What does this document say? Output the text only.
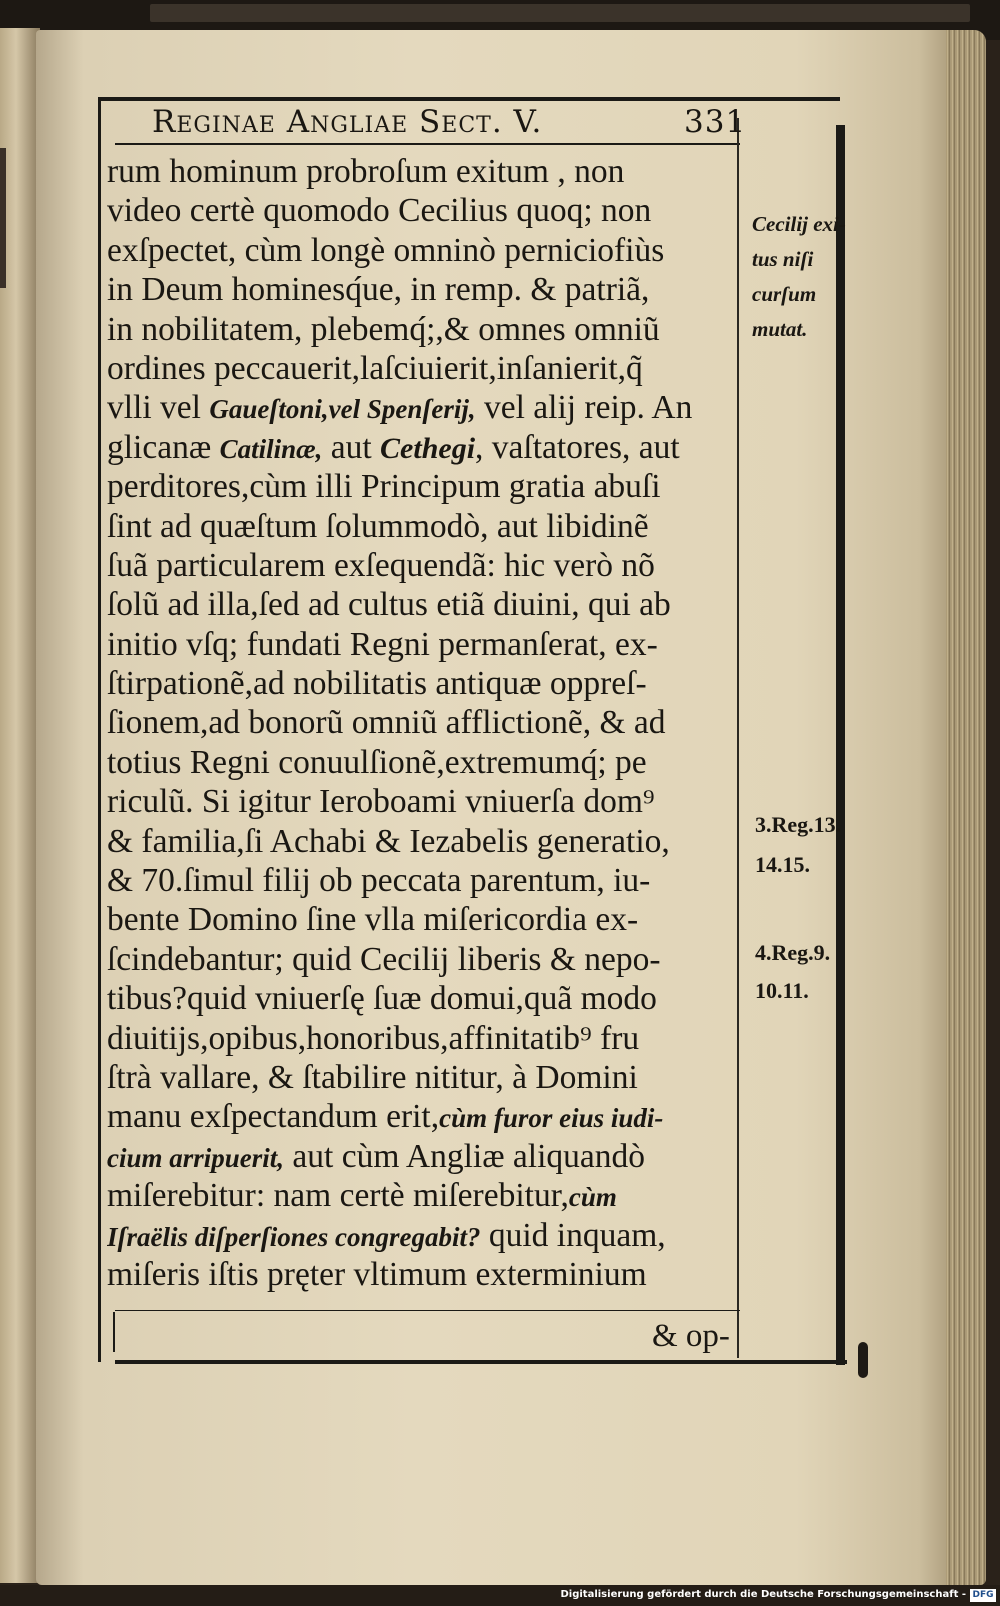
Reginae Angliae Sect. V.	331
rum hominum probroſum exitum , non
video certè quomodo Cecilius quoq; non
exſpectet, cùm longè omninò perniciofiùs
in Deum hominesq́ue, in remp. & patriã,
in nobilitatem, plebemq́;,& omnes omniũ
ordines peccauerit,laſciuierit,inſanierit,q̃
vlli vel Gaueſtoni,vel Spenſerij, vel alij reip. An
glicanæ Catilinæ, aut Cethegi, vaſtatores, aut
perditores,cùm illi Principum gratia abuſi
ſint ad quæſtum ſolummodò, aut libidinẽ
ſuã particularem exſequendã: hic verò nõ
ſolũ ad illa,ſed ad cultus etiã diuini, qui ab
initio vſq; fundati Regni permanſerat, ex-
ſtirpationẽ,ad nobilitatis antiquæ oppreſ-
ſionem,ad bonorũ omniũ afflictionẽ, & ad
totius Regni conuulſionẽ,extremumq́; pe
riculũ. Si igitur Ieroboami vniuerſa dom⁹
& familia,ſi Achabi & Iezabelis generatio,
& 70.ſimul filij ob peccata parentum, iu-
bente Domino ſine vlla miſericordia ex-
ſcindebantur; quid Cecilij liberis & nepo-
tibus?quid vniuerſę ſuæ domui,quã modo
diuitijs,opibus,honoribus,affinitatib⁹ fru
ſtrà vallare, & ſtabilire nititur, à Domini
manu exſpectandum erit,cùm furor eius iudi-
cium arripuerit, aut cùm Angliæ aliquandò
miſerebitur: nam certè miſerebitur,cùm
Iſraëlis diſperſiones congregabit? quid inquam,
miſeris iſtis pręter vltimum exterminium
& op-
Cecilij exi-
tus niſi
curſum
mutat.
3.Reg.13.
14.15.
4.Reg.9.
10.11.
Digitalisierung gefördert durch die Deutsche Forschungsgemeinschaft - DFG
